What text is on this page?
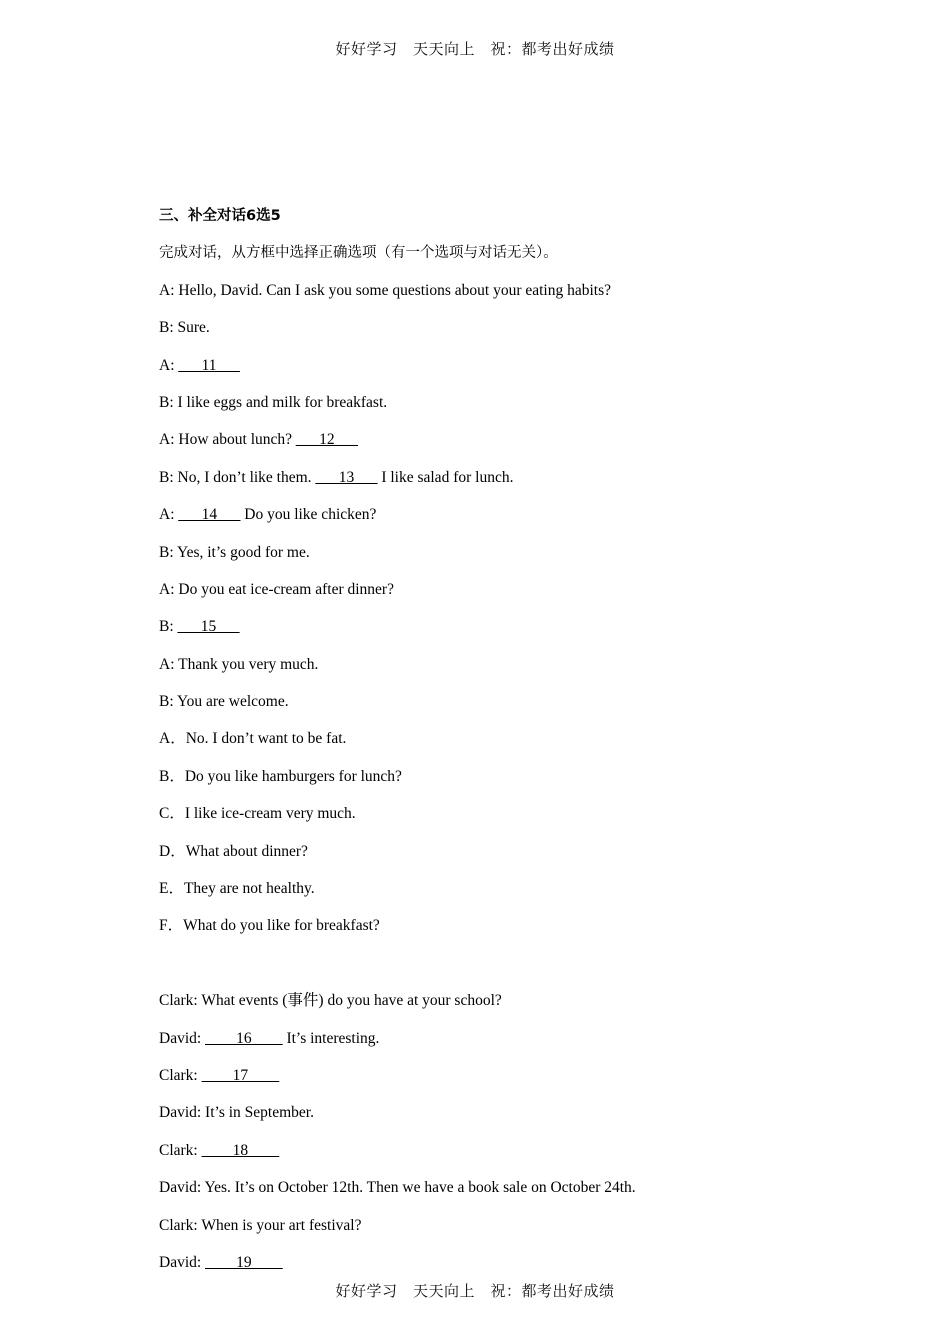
好好学习　天天向上　祝：都考出好成绩
三、补全对话6选5
完成对话，从方框中选择正确选项（有一个选项与对话无关）。
A: Hello, David. Can I ask you some questions about your eating habits?
B: Sure.
A: ___11___
B: I like eggs and milk for breakfast.
A: How about lunch? ___12___
B: No, I don’t like them. ___13___ I like salad for lunch.
A: ___14___ Do you like chicken?
B: Yes, it’s good for me.
A: Do you eat ice-cream after dinner?
B: ___15___
A: Thank you very much.
B: You are welcome.
A．No. I don’t want to be fat.
B．Do you like hamburgers for lunch?
C．I like ice-cream very much.
D．What about dinner?
E．They are not healthy.
F．What do you like for breakfast?
Clark: What events (事件) do you have at your school?
David: ____16____ It’s interesting.
Clark: ____17____
David: It’s in September.
Clark: ____18____
David: Yes. It’s on October 12th. Then we have a book sale on October 24th.
Clark: When is your art festival?
David: ____19____
好好学习　天天向上　祝：都考出好成绩
